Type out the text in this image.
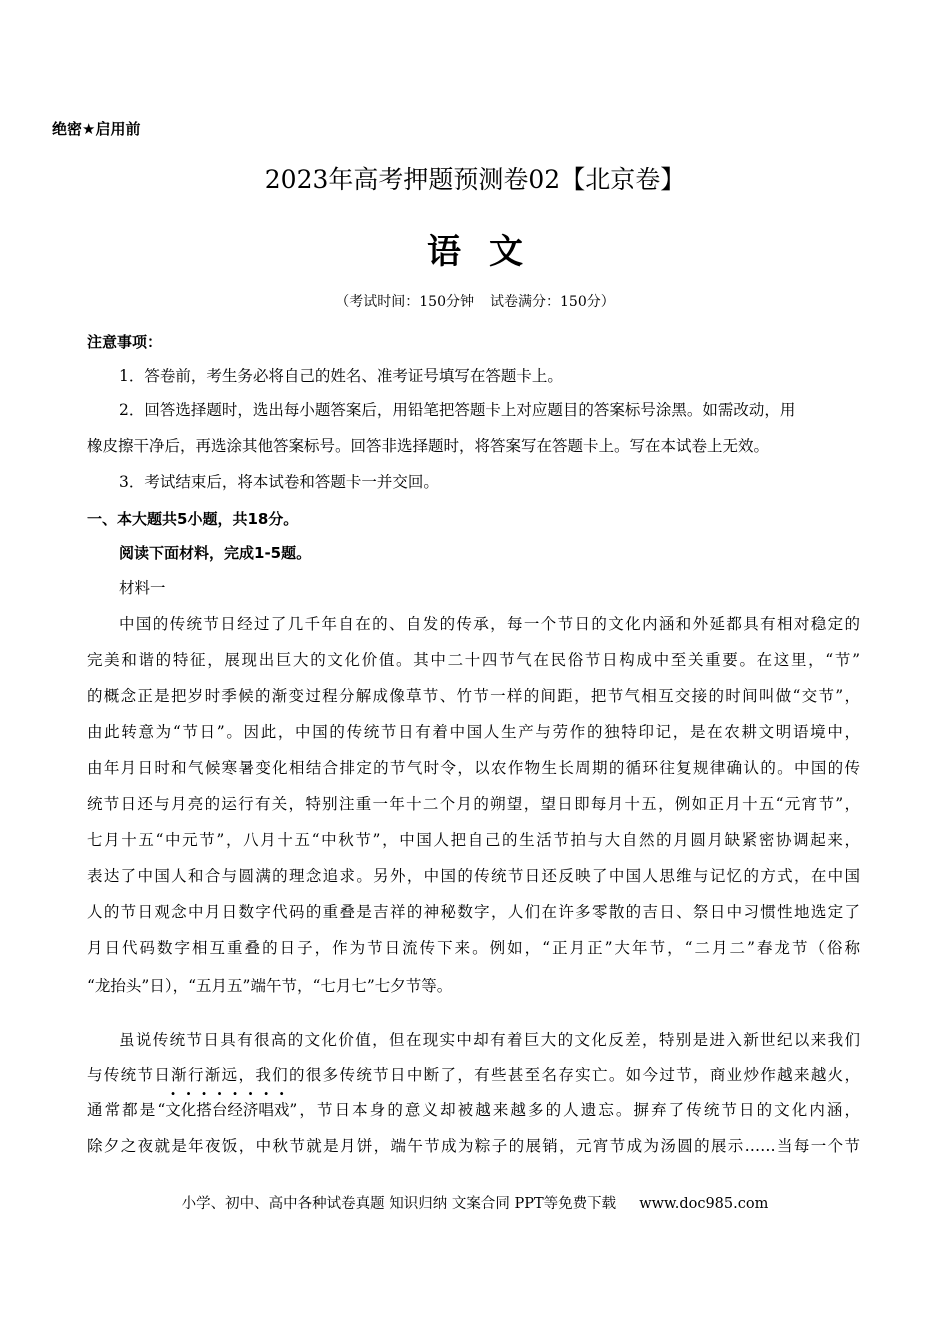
绝密★启用前
2023年高考押题预测卷02【北京卷】
语文
（考试时间：150分钟 试卷满分：150分）
注意事项：
1．答卷前，考生务必将自己的姓名、准考证号填写在答题卡上。
2．回答选择题时，选出每小题答案后，用铅笔把答题卡上对应题目的答案标号涂黑。如需改动，用
橡皮擦干净后，再选涂其他答案标号。回答非选择题时，将答案写在答题卡上。写在本试卷上无效。
3．考试结束后，将本试卷和答题卡一并交回。
一、本大题共5小题，共18分。
阅读下面材料，完成1-5题。
材料一
中国的传统节日经过了几千年自在的、自发的传承，每一个节日的文化内涵和外延都具有相对稳定的
完美和谐的特征，展现出巨大的文化价值。其中二十四节气在民俗节日构成中至关重要。在这里，“节”
的概念正是把岁时季候的渐变过程分解成像草节、竹节一样的间距，把节气相互交接的时间叫做“交节”，
由此转意为“节日”。因此，中国的传统节日有着中国人生产与劳作的独特印记，是在农耕文明语境中，
由年月日时和气候寒暑变化相结合排定的节气时令，以农作物生长周期的循环往复规律确认的。中国的传
统节日还与月亮的运行有关，特别注重一年十二个月的朔望，望日即每月十五，例如正月十五“元宵节”，
七月十五“中元节”，八月十五“中秋节”，中国人把自己的生活节拍与大自然的月圆月缺紧密协调起来，
表达了中国人和合与圆满的理念追求。另外，中国的传统节日还反映了中国人思维与记忆的方式，在中国
人的节日观念中月日数字代码的重叠是吉祥的神秘数字，人们在许多零散的吉日、祭日中习惯性地选定了
月日代码数字相互重叠的日子，作为节日流传下来。例如，“正月正”大年节，“二月二”春龙节（俗称
“龙抬头”日），“五月五”端午节，“七月七”七夕节等。
虽说传统节日具有很高的文化价值，但在现实中却有着巨大的文化反差，特别是进入新世纪以来我们
与传统节日渐行渐远，我们的很多传统节日中断了，有些甚至名存实亡。如今过节，商业炒作越来越火，
通常都是“文化搭台经济唱戏”，节日本身的意义却被越来越多的人遗忘。摒弃了传统节日的文化内涵，
除夕之夜就是年夜饭，中秋节就是月饼，端午节成为粽子的展销，元宵节成为汤圆的展示……当每一个节
小学、初中、高中各种试卷真题 知识归纳 文案合同 PPT等免费下载 www.doc985.com
